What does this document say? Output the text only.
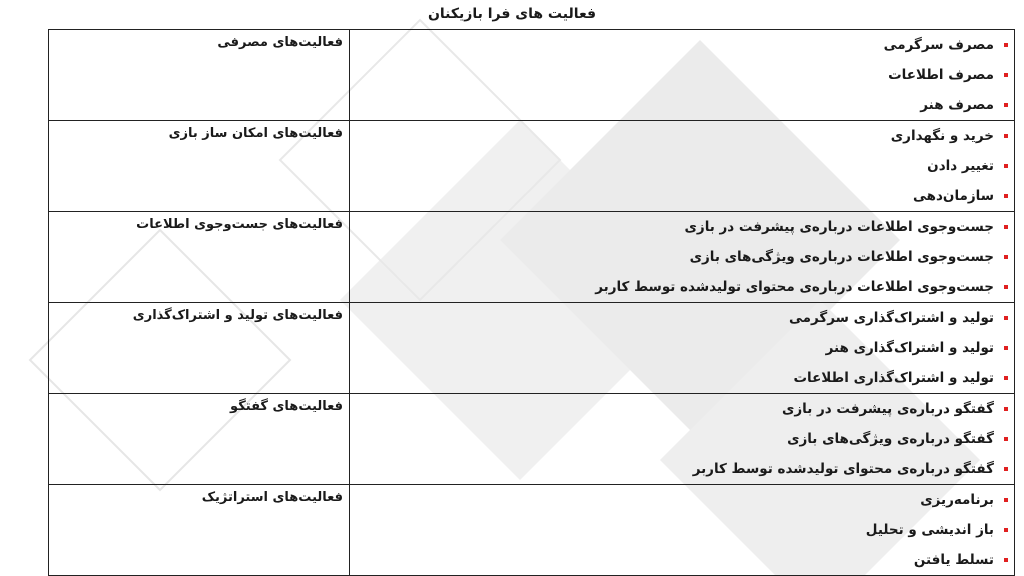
فعالیت های فرا بازیکنان
مصرف سرگرمی
مصرف اطلاعات
مصرف هنر	فعالیت‌های مصرفی

خرید و نگهداری
تغییر دادن
سازمان‌دهی	فعالیت‌های امکان ساز بازی

جست‌وجوی اطلاعات درباره‌ی پیشرفت در بازی
جست‌وجوی اطلاعات درباره‌ی ویژگی‌های بازی
جست‌وجوی اطلاعات درباره‌ی محتوای تولیدشده توسط کاربر	فعالیت‌های جست‌وجوی اطلاعات

تولید و اشتراک‌گذاری سرگرمی
تولید و اشتراک‌گذاری هنر
تولید و اشتراک‌گذاری اطلاعات	فعالیت‌های تولید و اشتراک‌گذاری

گفتگو درباره‌ی پیشرفت در بازی
گفتگو درباره‌ی ویژگی‌های بازی
گفتگو درباره‌ی محتوای تولیدشده توسط کاربر	فعالیت‌های گفتگو

برنامه‌ریزی
باز اندیشی و تحلیل
تسلط یافتن	فعالیت‌های استراتژیک
